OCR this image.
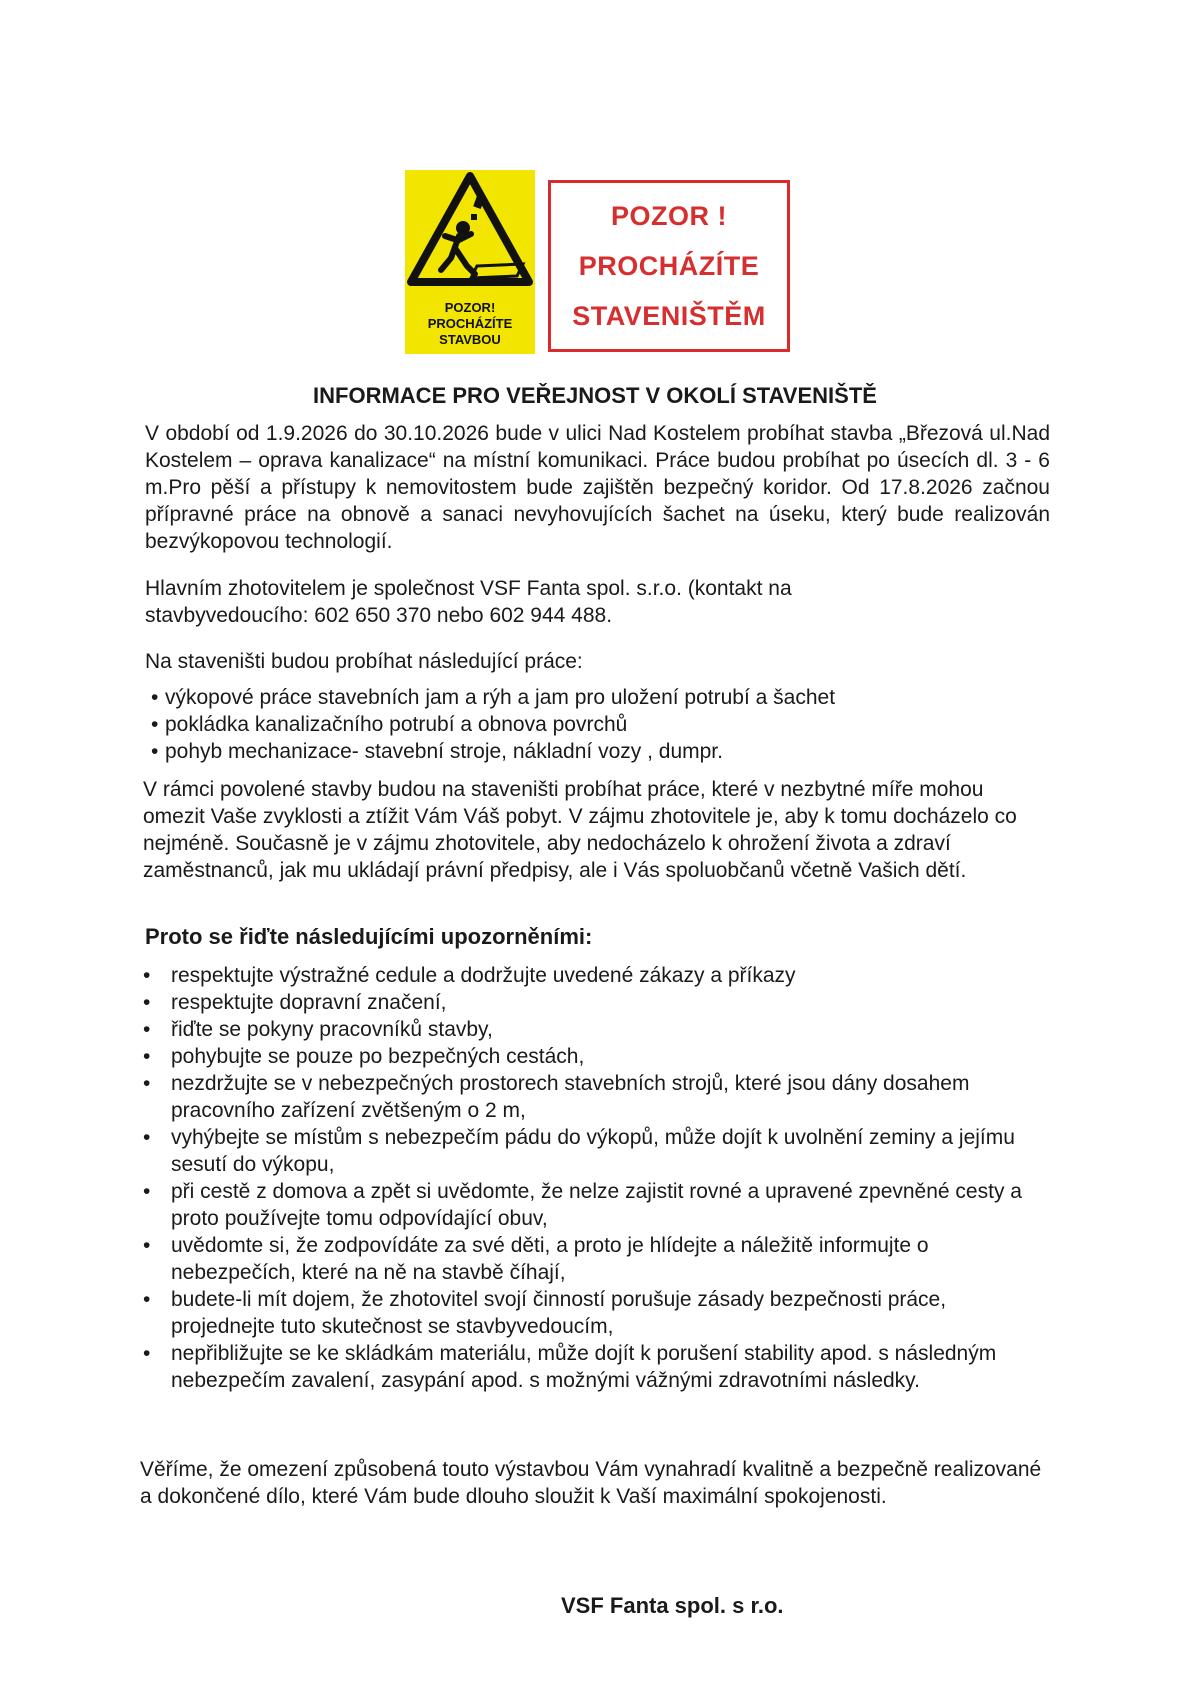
POZOR!
PROCHÁZÍTE
STAVBOU
POZOR !
PROCHÁZÍTE
STAVENIŠTĚM
INFORMACE PRO VEŘEJNOST V OKOLÍ STAVENIŠTĚ

V období od 1.9.2026 do 30.10.2026 bude v ulici Nad Kostelem probíhat stavba „Březová ul.Nad Kostelem – oprava kanalizace“ na místní komunikaci. Práce budou probíhat po úsecích dl. 3 - 6 m.Pro pěší a přístupy k nemovitostem bude zajištěn bezpečný koridor. Od 17.8.2026 začnou přípravné práce na obnově a sanaci nevyhovujících šachet na úseku, který bude realizován bezvýkopovou technologií.

Hlavním zhotovitelem je společnost VSF Fanta spol. s.r.o. (kontakt na stavbyvedoucího: 602 650 370 nebo 602 944 488.

Na staveništi budou probíhat následující práce:

• výkopové práce stavebních jam a rýh a jam pro uložení potrubí a šachet
• pokládka kanalizačního potrubí a obnova povrchů
• pohyb mechanizace- stavební stroje, nákladní vozy , dumpr.

V rámci povolené stavby budou na staveništi probíhat práce, které v nezbytné míře mohou omezit Vaše zvyklosti a ztížit Vám Váš pobyt. V zájmu zhotovitele je, aby k tomu docházelo co nejméně. Současně je v zájmu zhotovitele, aby nedocházelo k ohrožení života a zdraví zaměstnanců, jak mu ukládají právní předpisy, ale i Vás spoluobčanů včetně Vašich dětí.

Proto se řiďte následujícími upozorněními:
• respektujte výstražné cedule a dodržujte uvedené zákazy a příkazy
• respektujte dopravní značení,
• řiďte se pokyny pracovníků stavby,
• pohybujte se pouze po bezpečných cestách,
• nezdržujte se v nebezpečných prostorech stavebních strojů, které jsou dány dosahem pracovního zařízení zvětšeným o 2 m,
• vyhýbejte se místům s nebezpečím pádu do výkopů, může dojít k uvolnění zeminy a jejímu sesutí do výkopu,
• při cestě z domova a zpět si uvědomte, že nelze zajistit rovné a upravené zpevněné cesty a proto používejte tomu odpovídající obuv,
• uvědomte si, že zodpovídáte za své děti, a proto je hlídejte a náležitě informujte o nebezpečích, které na ně na stavbě číhají,
• budete-li mít dojem, že zhotovitel svojí činností porušuje zásady bezpečnosti práce, projednejte tuto skutečnost se stavbyvedoucím,
• nepřibližujte se ke skládkám materiálu, může dojít k porušení stability apod. s následným nebezpečím zavalení, zasypání apod. s možnými vážnými zdravotními následky.

Věříme, že omezení způsobená touto výstavbou Vám vynahradí kvalitně a bezpečně realizované a dokončené dílo, které Vám bude dlouho sloužit k Vaší maximální spokojenosti.

VSF Fanta spol. s r.o.
